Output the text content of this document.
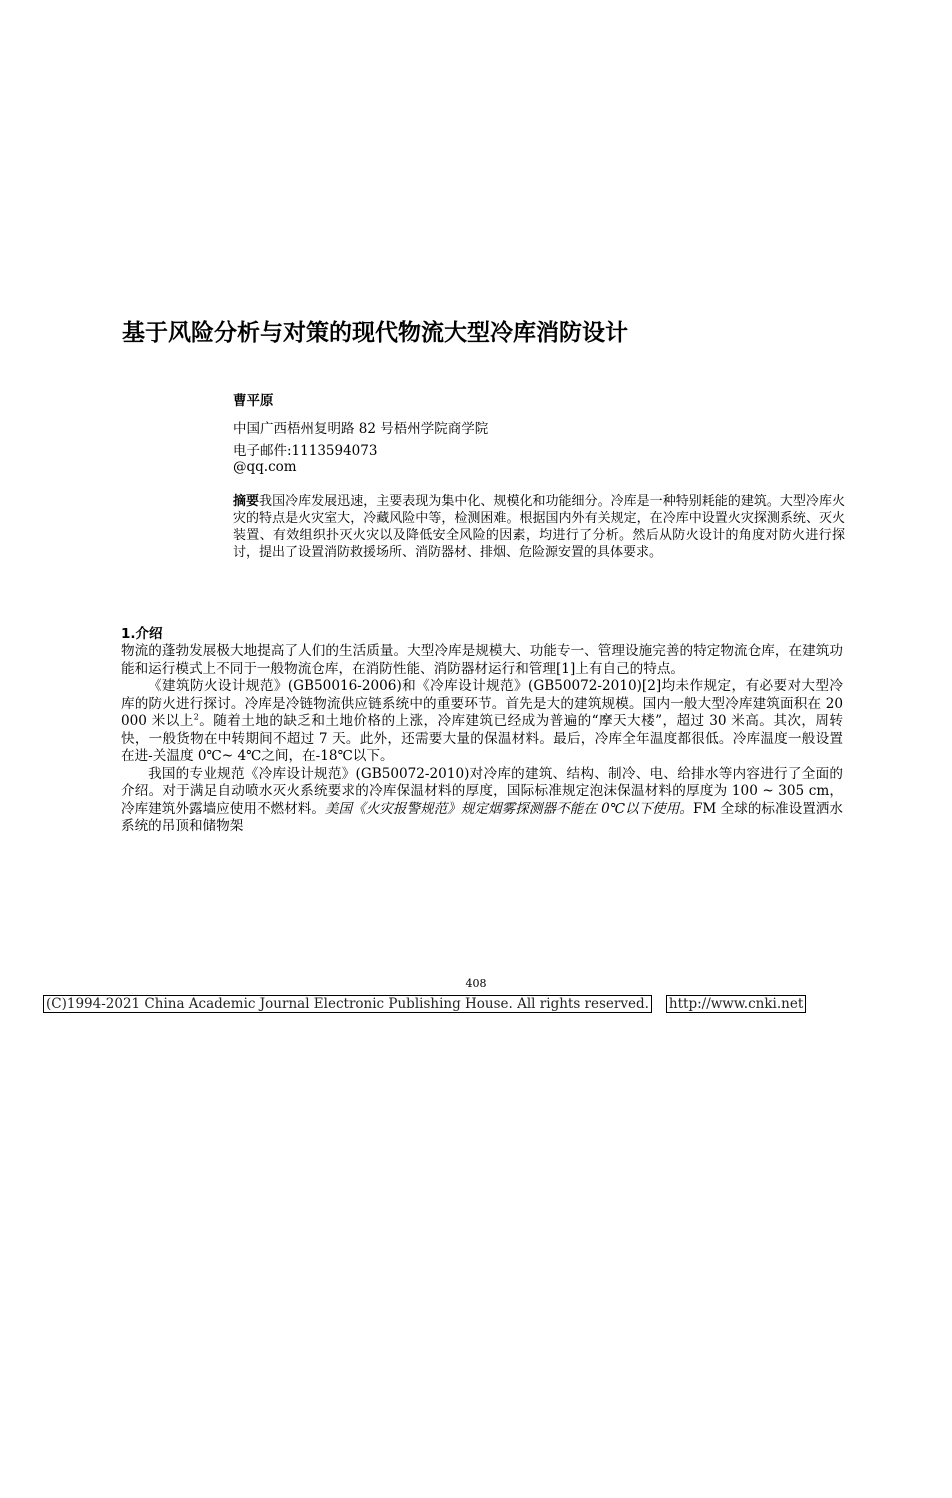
基于风险分析与对策的现代物流大型冷库消防设计
曹平原
中国广西梧州复明路 82 号梧州学院商学院
电子邮件:1113594073
@qq.com
摘要我国冷库发展迅速，主要表现为集中化、规模化和功能细分。冷库是一种特别耗能的建筑。大型冷库火灾的特点是火灾室大，冷藏风险中等，检测困难。根据国内外有关规定，在冷库中设置火灾探测系统、灭火装置、有效组织扑灭火灾以及降低安全风险的因素，均进行了分析。然后从防火设计的角度对防火进行探讨，提出了设置消防救援场所、消防器材、排烟、危险源安置的具体要求。
1.介绍

物流的蓬勃发展极大地提高了人们的生活质量。大型冷库是规模大、功能专一、管理设施完善的特定物流仓库，在建筑功能和运行模式上不同于一般物流仓库，在消防性能、消防器材运行和管理[1]上有自己的特点。

《建筑防火设计规范》(GB50016-2006)和《冷库设计规范》(GB50072-2010)[2]均未作规定，有必要对大型冷库的防火进行探讨。冷库是冷链物流供应链系统中的重要环节。首先是大的建筑规模。国内一般大型冷库建筑面积在 20000 米以上$^2$。随着土地的缺乏和土地价格的上涨，冷库建筑已经成为普遍的“摩天大楼”，超过 30 米高。其次，周转快，一般货物在中转期间不超过 7 天。此外，还需要大量的保温材料。最后，冷库全年温度都很低。冷库温度一般设置在进-关温度 0℃~ 4℃之间，在-18℃以下。

我国的专业规范《冷库设计规范》(GB50072-2010)对冷库的建筑、结构、制冷、电、给排水等内容进行了全面的介绍。对于满足自动喷水灭火系统要求的冷库保温材料的厚度，国际标准规定泡沫保温材料的厚度为 100 ~ 305 cm，冷库建筑外露墙应使用不燃材料。美国《火灾报警规范》规定烟雾探测器不能在 0℃以下使用。FM 全球的标准设置洒水系统的吊顶和储物架

408
(C)1994-2021 China Academic Journal Electronic Publishing House. All rights reserved. http://www.cnki.net
